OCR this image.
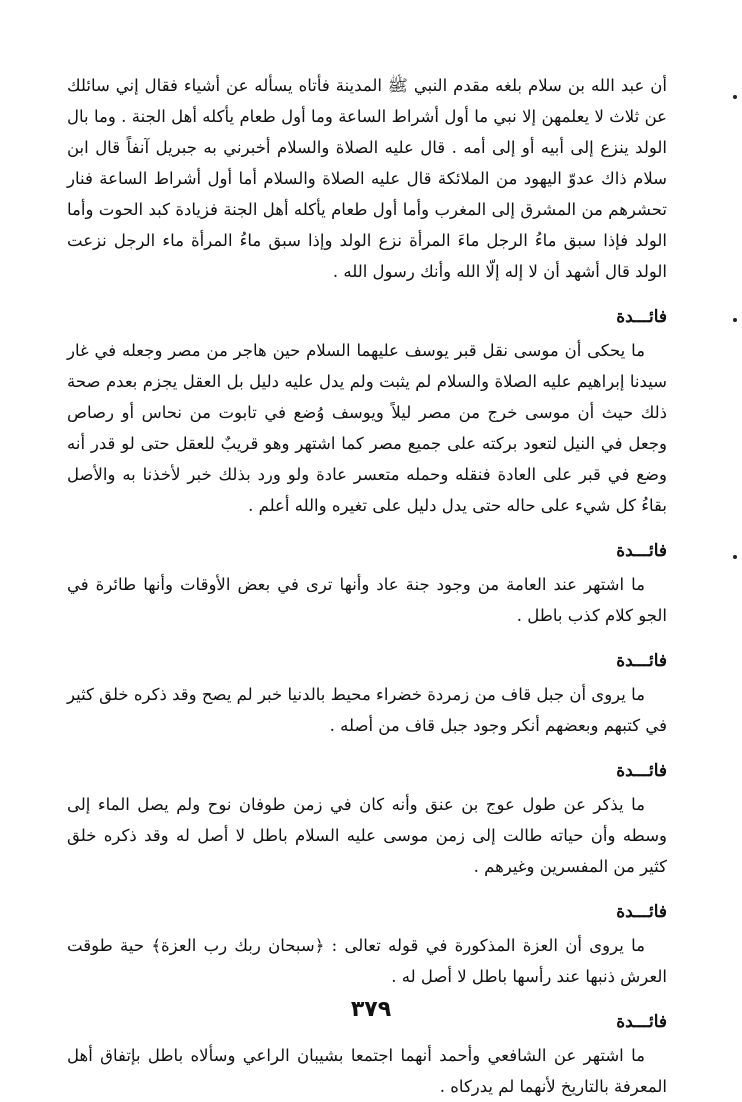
أن عبد الله بن سلام بلغه مقدم النبي ﷺ المدينة فأتاه يسأله عن أشياء فقال إني سائلك عن ثلاث لا يعلمهن إلا نبي ما أول أشراط الساعة وما أول طعام يأكله أهل الجنة . وما بال الولد ينزع إلى أبيه أو إلى أمه . قال عليه الصلاة والسلام أخبرني به جبريل آنفاً قال ابن سلام ذاك عدوّ اليهود من الملائكة قال عليه الصلاة والسلام أما أول أشراط الساعة فنار تحشرهم من المشرق إلى المغرب وأما أول طعام يأكله أهل الجنة فزيادة كبد الحوت وأما الولد فإذا سبق ماءُ الرجل ماءَ المرأة نزع الولد وإذا سبق ماءُ المرأة ماء الرجل نزعت الولد قال أشهد أن لا إله إلّا الله وأنك رسول الله .

فائـــدة

ما يحكى أن موسى نقل قبر يوسف عليهما السلام حين هاجر من مصر وجعله في غار سيدنا إبراهيم عليه الصلاة والسلام لم يثبت ولم يدل عليه دليل بل العقل يجزم بعدم صحة ذلك حيث أن موسى خرج من مصر ليلاً ويوسف وُضع في تابوت من نحاس أو رصاص وجعل في النيل لتعود بركته على جميع مصر كما اشتهر وهو قريبٌ للعقل حتى لو قدر أنه وضع في قبر على العادة فنقله وحمله متعسر عادة ولو ورد بذلك خبر لأخذنا به والأصل بقاءُ كل شيء على حاله حتى يدل دليل على تغيره والله أعلم .

فائـــدة

ما اشتهر عند العامة من وجود جنة عاد وأنها ترى في بعض الأوقات وأنها طائرة في الجو كلام كذب باطل .

فائـــدة

ما يروى أن جبل قاف من زمردة خضراء محيط بالدنيا خبر لم يصح وقد ذكره خلق كثير في كتبهم وبعضهم أنكر وجود جبل قاف من أصله .

فائـــدة

ما يذكر عن طول عوج بن عنق وأنه كان في زمن طوفان نوح ولم يصل الماء إلى وسطه وأن حياته طالت إلى زمن موسى عليه السلام باطل لا أصل له وقد ذكره خلق كثير من المفسرين وغيرهم .

فائـــدة

ما يروى أن العزة المذكورة في قوله تعالى : ﴿سبحان ربك رب العزة﴾ حية طوقت العرش ذنبها عند رأسها باطل لا أصل له .

فائـــدة

ما اشتهر عن الشافعي وأحمد أنهما اجتمعا بشيبان الراعي وسألاه باطل بإتفاق أهل المعرفة بالتاريخ لأنهما لم يدركاه .

٣٧٩
